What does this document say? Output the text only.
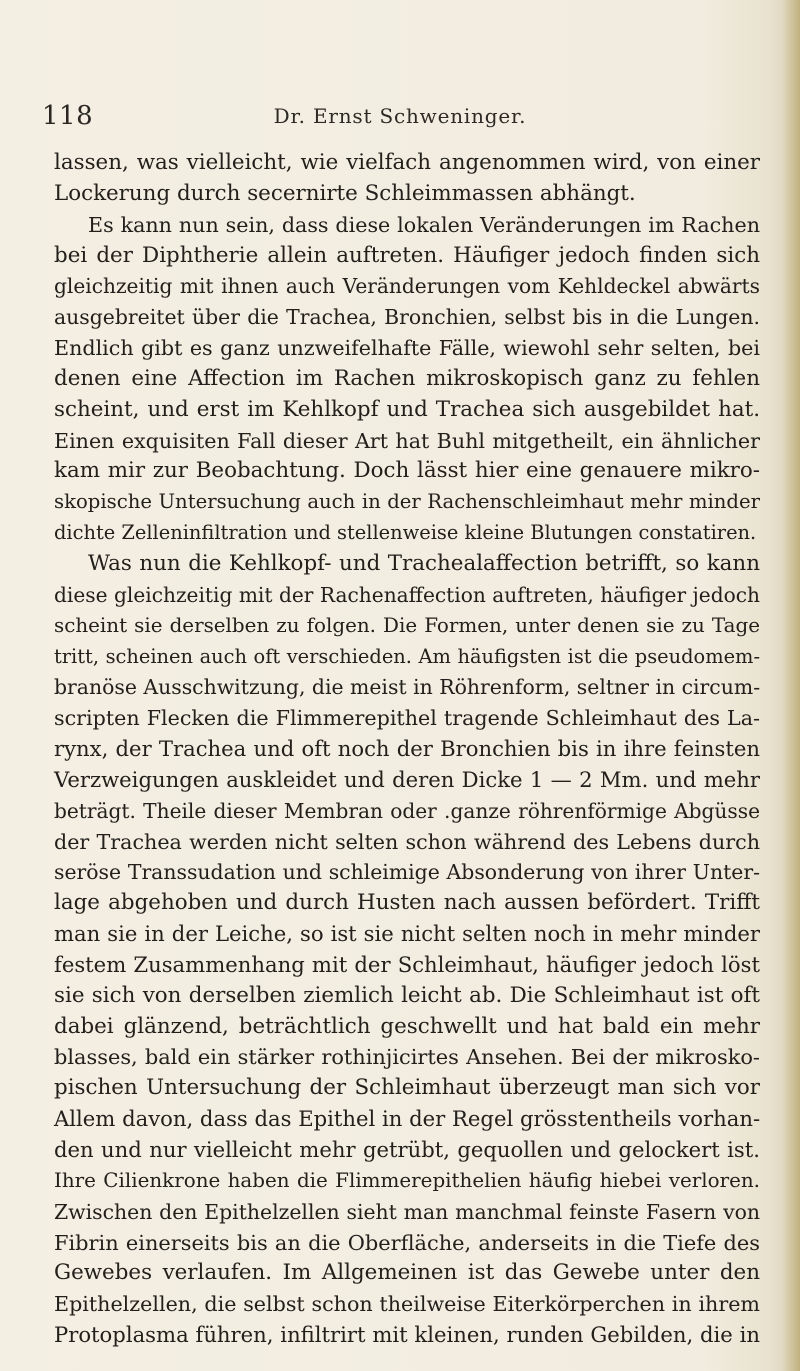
118	Dr. Ernst Schweninger.
lassen, was vielleicht, wie vielfach angenommen wird, von einer
Lockerung durch secernirte Schleimmassen abhängt.
Es kann nun sein, dass diese lokalen Veränderungen im Rachen
bei der Diphtherie allein auftreten. Häufiger jedoch finden sich
gleichzeitig mit ihnen auch Veränderungen vom Kehldeckel abwärts
ausgebreitet über die Trachea, Bronchien, selbst bis in die Lungen.
Endlich gibt es ganz unzweifelhafte Fälle, wiewohl sehr selten, bei
denen eine Affection im Rachen mikroskopisch ganz zu fehlen
scheint, und erst im Kehlkopf und Trachea sich ausgebildet hat.
Einen exquisiten Fall dieser Art hat Buhl mitgetheilt, ein ähnlicher
kam mir zur Beobachtung. Doch lässt hier eine genauere mikro-
skopische Untersuchung auch in der Rachenschleimhaut mehr minder
dichte Zelleninfiltration und stellenweise kleine Blutungen constatiren.
Was nun die Kehlkopf- und Trachealaffection betrifft, so kann
diese gleichzeitig mit der Rachenaffection auftreten, häufiger jedoch
scheint sie derselben zu folgen. Die Formen, unter denen sie zu Tage
tritt, scheinen auch oft verschieden. Am häufigsten ist die pseudomem-
branöse Ausschwitzung, die meist in Röhrenform, seltner in circum-
scripten Flecken die Flimmerepithel tragende Schleimhaut des La-
rynx, der Trachea und oft noch der Bronchien bis in ihre feinsten
Verzweigungen auskleidet und deren Dicke 1 — 2 Mm. und mehr
beträgt. Theile dieser Membran oder .ganze röhrenförmige Abgüsse
der Trachea werden nicht selten schon während des Lebens durch
seröse Transsudation und schleimige Absonderung von ihrer Unter-
lage abgehoben und durch Husten nach aussen befördert. Trifft
man sie in der Leiche, so ist sie nicht selten noch in mehr minder
festem Zusammenhang mit der Schleimhaut, häufiger jedoch löst
sie sich von derselben ziemlich leicht ab. Die Schleimhaut ist oft
dabei glänzend, beträchtlich geschwellt und hat bald ein mehr
blasses, bald ein stärker rothinjicirtes Ansehen. Bei der mikrosko-
pischen Untersuchung der Schleimhaut überzeugt man sich vor
Allem davon, dass das Epithel in der Regel grösstentheils vorhan-
den und nur vielleicht mehr getrübt, gequollen und gelockert ist.
Ihre Cilienkrone haben die Flimmerepithelien häufig hiebei verloren.
Zwischen den Epithelzellen sieht man manchmal feinste Fasern von
Fibrin einerseits bis an die Oberfläche, anderseits in die Tiefe des
Gewebes verlaufen. Im Allgemeinen ist das Gewebe unter den
Epithelzellen, die selbst schon theilweise Eiterkörperchen in ihrem
Protoplasma führen, infiltrirt mit kleinen, runden Gebilden, die in
